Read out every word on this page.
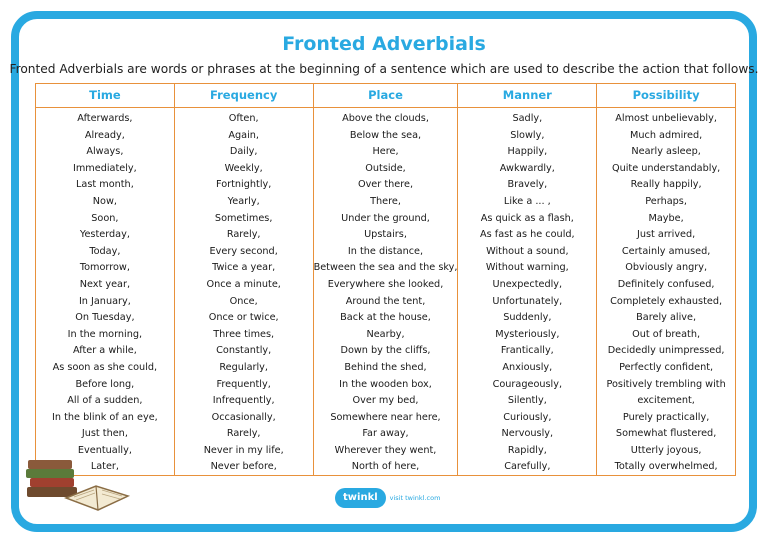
Fronted Adverbials

Fronted Adverbials are words or phrases at the beginning of a sentence which are used to describe the action that follows.

Time
Afterwards,
Already,
Always,
Immediately,
Last month,
Now,
Soon,
Yesterday,
Today,
Tomorrow,
Next year,
In January,
On Tuesday,
In the morning,
After a while,
As soon as she could,
Before long,
All of a sudden,
In the blink of an eye,
Just then,
Eventually,
Later,
Frequency
Often,
Again,
Daily,
Weekly,
Fortnightly,
Yearly,
Sometimes,
Rarely,
Every second,
Twice a year,
Once a minute,
Once,
Once or twice,
Three times,
Constantly,
Regularly,
Frequently,
Infrequently,
Occasionally,
Rarely,
Never in my life,
Never before,
Place
Above the clouds,
Below the sea,
Here,
Outside,
Over there,
There,
Under the ground,
Upstairs,
In the distance,
Between the sea and the sky,
Everywhere she looked,
Around the tent,
Back at the house,
Nearby,
Down by the cliffs,
Behind the shed,
In the wooden box,
Over my bed,
Somewhere near here,
Far away,
Wherever they went,
North of here,
Manner
Sadly,
Slowly,
Happily,
Awkwardly,
Bravely,
Like a ... ,
As quick as a flash,
As fast as he could,
Without a sound,
Without warning,
Unexpectedly,
Unfortunately,
Suddenly,
Mysteriously,
Frantically,
Anxiously,
Courageously,
Silently,
Curiously,
Nervously,
Rapidly,
Carefully,
Possibility
Almost unbelievably,
Much admired,
Nearly asleep,
Quite understandably,
Really happily,
Perhaps,
Maybe,
Just arrived,
Certainly amused,
Obviously angry,
Definitely confused,
Completely exhausted,
Barely alive,
Out of breath,
Decidedly unimpressed,
Perfectly confident,
Positively trembling with
excitement,
Purely practically,
Somewhat flustered,
Utterly joyous,
Totally overwhelmed,
twinkl	visit twinkl.com
